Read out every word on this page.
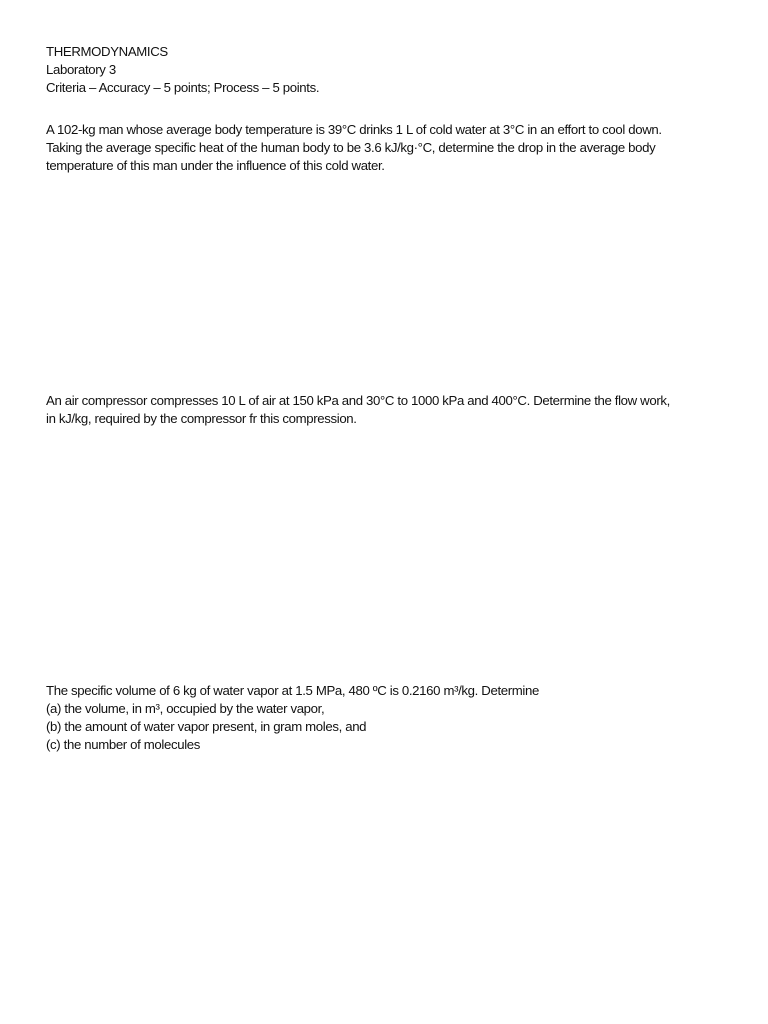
THERMODYNAMICS
Laboratory 3
Criteria – Accuracy – 5 points; Process – 5 points.
A 102-kg man whose average body temperature is 39°C drinks 1 L of cold water at 3°C in an effort to cool down.
Taking the average specific heat of the human body to be 3.6 kJ/kg·°C, determine the drop in the average body
temperature of this man under the influence of this cold water.
An air compressor compresses 10 L of air at 150 kPa and 30°C to 1000 kPa and 400°C. Determine the flow work,
in kJ/kg, required by the compressor fr this compression.
The specific volume of 6 kg of water vapor at 1.5 MPa, 480 ºC is 0.2160 m³/kg. Determine
(a) the volume, in m³, occupied by the water vapor,
(b) the amount of water vapor present, in gram moles, and
(c) the number of molecules
